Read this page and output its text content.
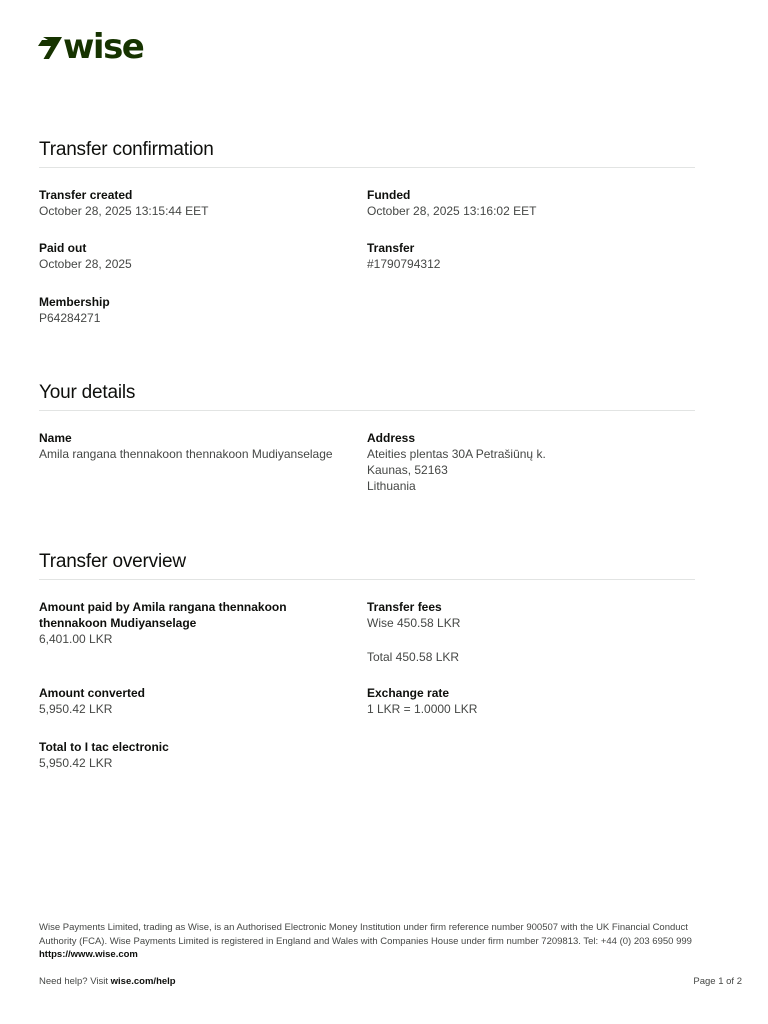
wise
Transfer confirmation
Transfer created
October 28, 2025 13:15:44 EET
Funded
October 28, 2025 13:16:02 EET
Paid out
October 28, 2025
Transfer
#1790794312
Membership
P64284271
Your details
Name
Amila rangana thennakoon thennakoon Mudiyanselage
Address
Ateities plentas 30A Petrašiūnų k.
Kaunas, 52163
Lithuania
Transfer overview
Amount paid by Amila rangana thennakoon thennakoon Mudiyanselage
6,401.00 LKR
Transfer fees
Wise 450.58 LKR
Total 450.58 LKR
Amount converted
5,950.42 LKR
Exchange rate
1 LKR = 1.0000 LKR
Total to I tac electronic
5,950.42 LKR
Wise Payments Limited, trading as Wise, is an Authorised Electronic Money Institution under firm reference number 900507 with the UK Financial Conduct Authority (FCA). Wise Payments Limited is registered in England and Wales with Companies House under firm number 7209813. Tel: +44 (0) 203 6950 999 https://www.wise.com
Need help? Visit wise.com/help	Page 1 of 2
